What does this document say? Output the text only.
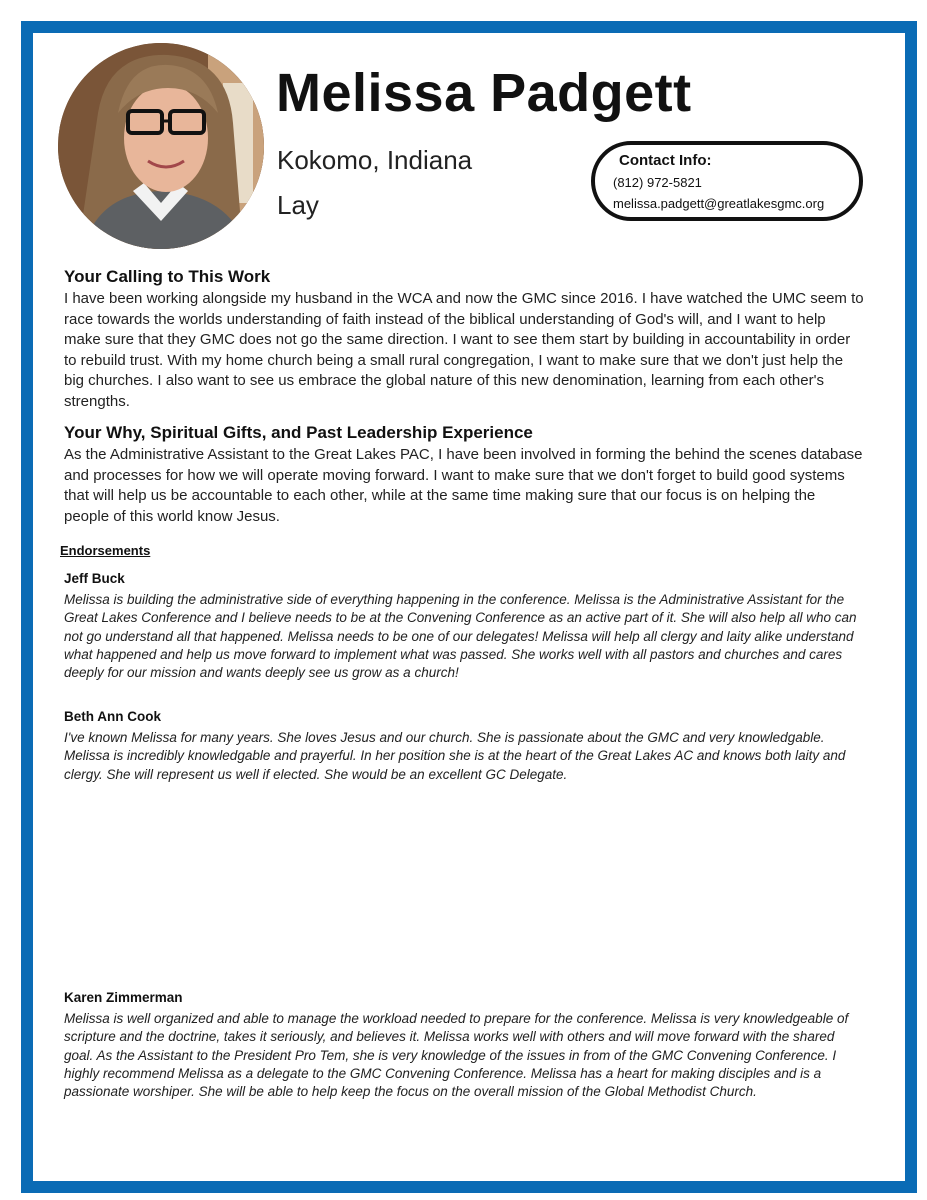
Melissa Padgett
Kokomo, Indiana
Lay
Contact Info:
(812) 972-5821
melissa.padgett@greatlakesgmc.org
Your Calling to This Work

I have been working alongside my husband in the WCA and now the GMC since 2016. I have watched the UMC seem to race towards the worlds understanding of faith instead of the biblical understanding of God's will, and I want to help make sure that they GMC does not go the same direction. I want to see them start by building in accountability in order to rebuild trust. With my home church being a small rural congregation, I want to make sure that we don't just help the big churches. I also want to see us embrace the global nature of this new denomination, learning from each other's strengths.

Your Why, Spiritual Gifts, and Past Leadership Experience

As the Administrative Assistant to the Great Lakes PAC, I have been involved in forming the behind the scenes database and processes for how we will operate moving forward. I want to make sure that we don't forget to build good systems that will help us be accountable to each other, while at the same time making sure that our focus is on helping the people of this world know Jesus.

Endorsements
Jeff Buck

Melissa is building the administrative side of everything happening in the conference. Melissa is the Administrative Assistant for the Great Lakes Conference and I believe needs to be at the Convening Conference as an active part of it. She will also help all who can not go understand all that happened. Melissa needs to be one of our delegates! Melissa will help all clergy and laity alike understand what happened and help us move forward to implement what was passed. She works well with all pastors and churches and cares deeply for our mission and wants deeply see us grow as a church!

Beth Ann Cook

I've known Melissa for many years. She loves Jesus and our church. She is passionate about the GMC and very knowledgable. Melissa is incredibly knowledgable and prayerful. In her position she is at the heart of the Great Lakes AC and knows both laity and clergy. She will represent us well if elected. She would be an excellent GC Delegate.

Karen Zimmerman

Melissa is well organized and able to manage the workload needed to prepare for the conference. Melissa is very knowledgeable of scripture and the doctrine, takes it seriously, and believes it. Melissa works well with others and will move forward with the shared goal. As the Assistant to the President Pro Tem, she is very knowledge of the issues in from of the GMC Convening Conference. I highly recommend Melissa as a delegate to the GMC Convening Conference. Melissa has a heart for making disciples and is a passionate worshiper. She will be able to help keep the focus on the overall mission of the Global Methodist Church.
